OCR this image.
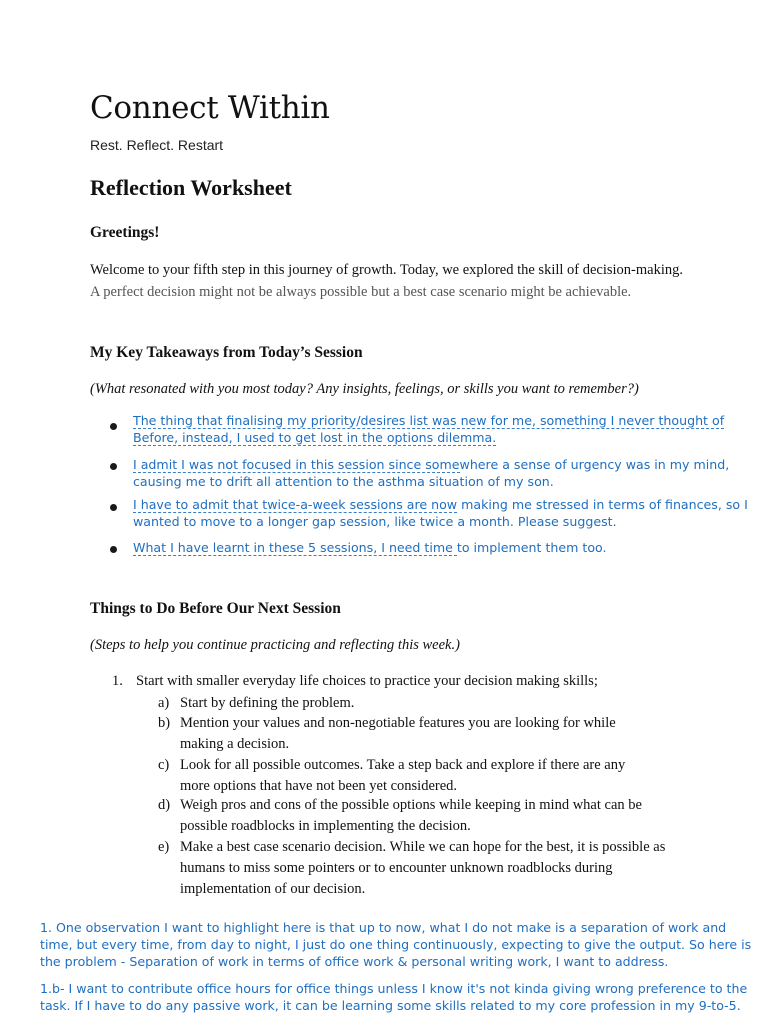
Connect Within
Rest. Reflect. Restart
Reflection Worksheet
Greetings!
Welcome to your fifth step in this journey of growth. Today, we explored the skill of decision-making. A perfect decision might not be always possible but a best case scenario might be achievable.
My Key Takeaways from Today’s Session
(What resonated with you most today? Any insights, feelings, or skills you want to remember?)
The thing that finalising my priority/desires list was new for me, something I never thought of Before, instead, I used to get lost in the options dilemma.
I admit I was not focused in this session since somewhere a sense of urgency was in my mind, causing me to drift all attention to the asthma situation of my son.
I have to admit that twice-a-week sessions are now making me stressed in terms of finances, so I wanted to move to a longer gap session, like twice a month. Please suggest.
What I have learnt in these 5 sessions, I need time to implement them too.
Things to Do Before Our Next Session
(Steps to help you continue practicing and reflecting this week.)
1. Start with smaller everyday life choices to practice your decision making skills;
a) Start by defining the problem.
b) Mention your values and non-negotiable features you are looking for while making a decision.
c) Look for all possible outcomes. Take a step back and explore if there are any more options that have not been yet considered.
d) Weigh pros and cons of the possible options while keeping in mind what can be possible roadblocks in implementing the decision.
e) Make a best case scenario decision. While we can hope for the best, it is possible as humans to miss some pointers or to encounter unknown roadblocks during implementation of our decision.
1. One observation I want to highlight here is that up to now, what I do not make is a separation of work and time, but every time, from day to night, I just do one thing continuously, expecting to give the output. So here is the problem - Separation of work in terms of office work & personal writing work, I want to address.
1.b- I want to contribute office hours for office things unless I know it's not kinda giving wrong preference to the task. If I have to do any passive work, it can be learning some skills related to my core profession in my 9-to-5.
